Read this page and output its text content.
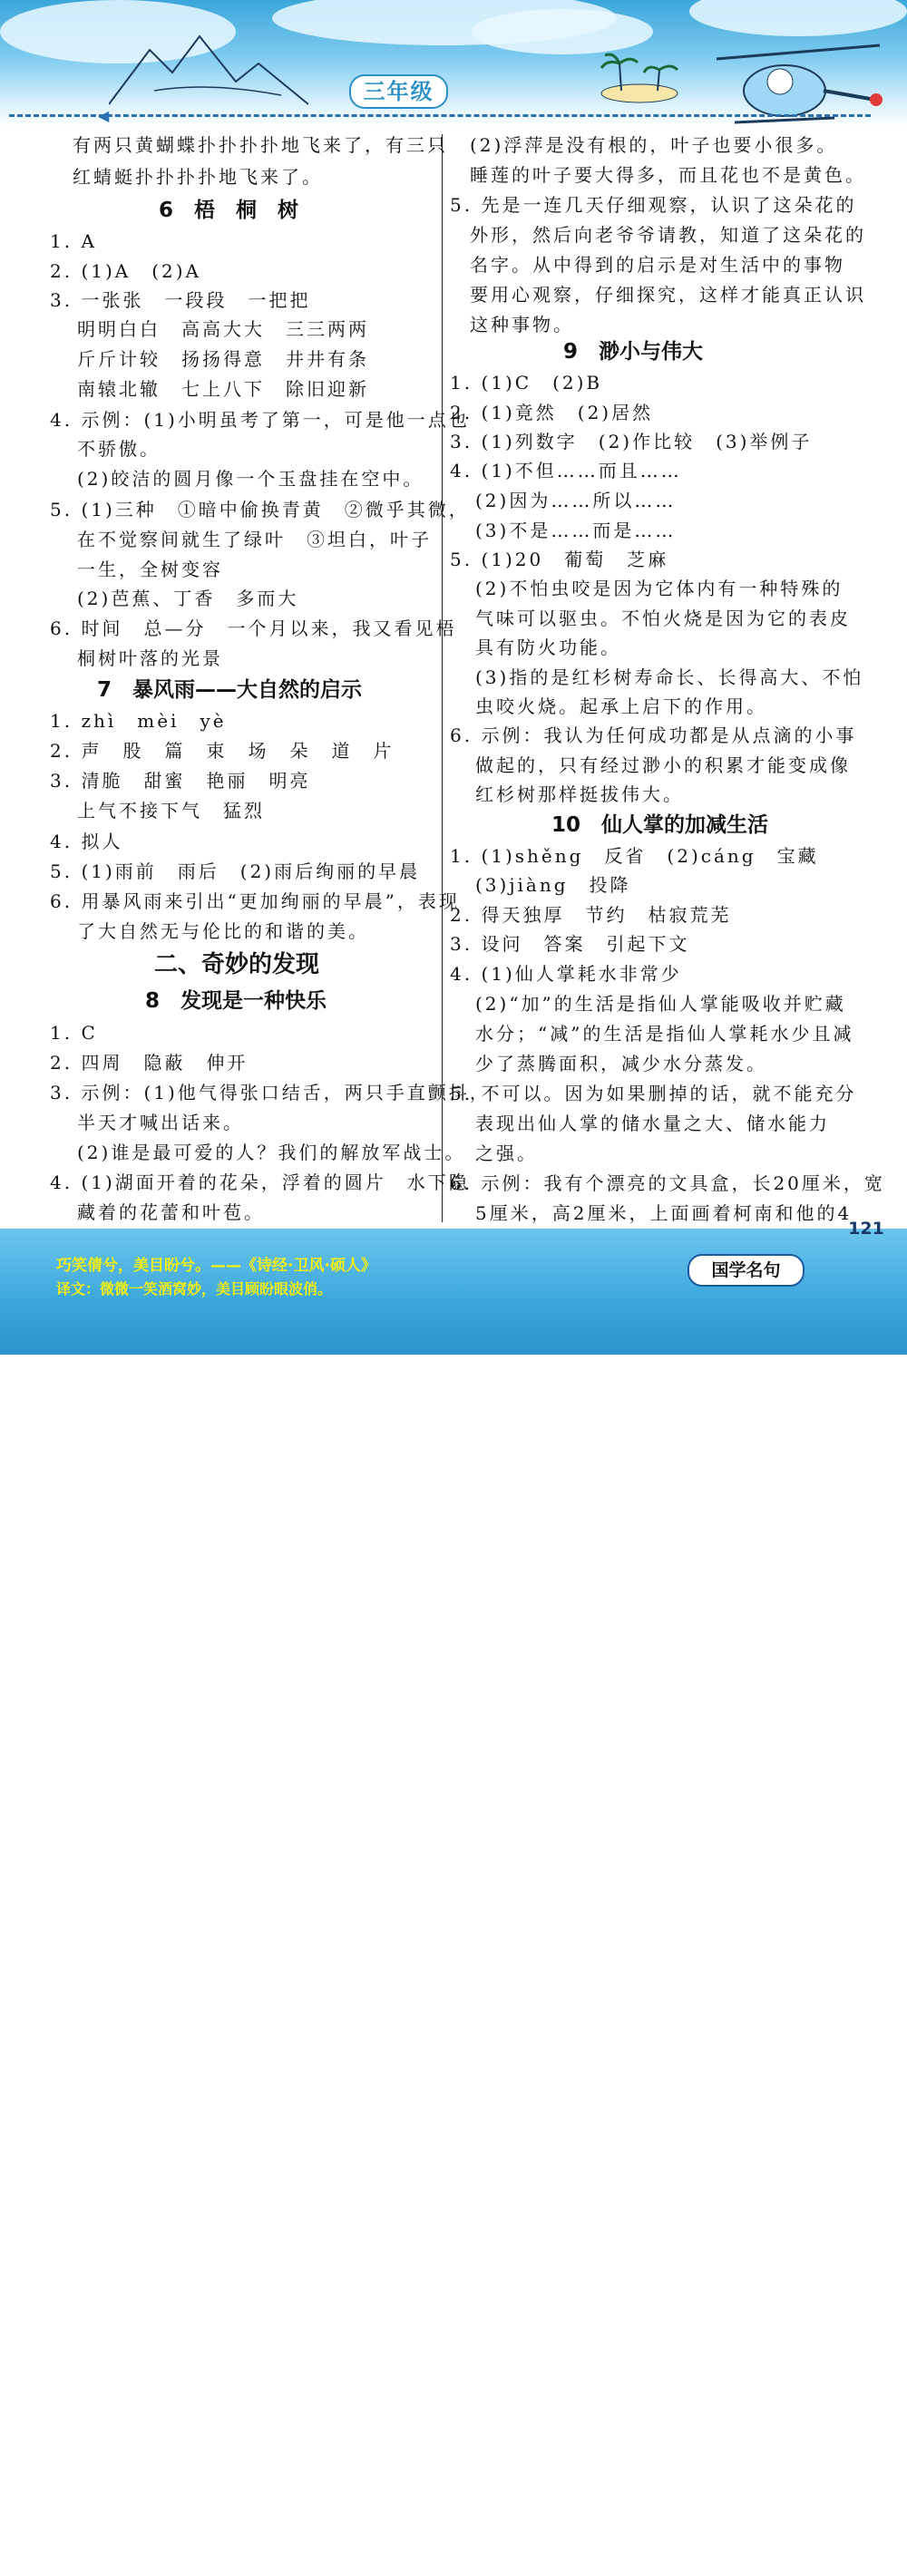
三年级
◀
有两只黄蝴蝶扑扑扑扑地飞来了，有三只
红蜻蜓扑扑扑扑地飞来了。
6　梧　桐　树
1. A
2. (1)A　(2)A
3. 一张张　一段段　一把把
明明白白　高高大大　三三两两
斤斤计较　扬扬得意　井井有条
南辕北辙　七上八下　除旧迎新
4. 示例：(1)小明虽考了第一，可是他一点也
不骄傲。
(2)皎洁的圆月像一个玉盘挂在空中。
5. (1)三种　①暗中偷换青黄　②微乎其微，
在不觉察间就生了绿叶　③坦白，叶子
一生，全树变容
(2)芭蕉、丁香　多而大
6. 时间　总—分　一个月以来，我又看见梧
桐树叶落的光景
7　暴风雨——大自然的启示
1. zhì　mèi　yè
2. 声　股　篇　束　场　朵　道　片
3. 清脆　甜蜜　艳丽　明亮
上气不接下气　猛烈
4. 拟人
5. (1)雨前　雨后　(2)雨后绚丽的早晨
6. 用暴风雨来引出“更加绚丽的早晨”，表现
了大自然无与伦比的和谐的美。
二、奇妙的发现
8　发现是一种快乐
1. C
2. 四周　隐蔽　伸开
3. 示例：(1)他气得张口结舌，两只手直颤抖，
半天才喊出话来。
(2)谁是最可爱的人？我们的解放军战士。
4. (1)湖面开着的花朵，浮着的圆片　水下隐
藏着的花蕾和叶苞。
(2)浮萍是没有根的，叶子也要小很多。
睡莲的叶子要大得多，而且花也不是黄色。
5. 先是一连几天仔细观察，认识了这朵花的
外形，然后向老爷爷请教，知道了这朵花的
名字。从中得到的启示是对生活中的事物
要用心观察，仔细探究，这样才能真正认识
这种事物。
9　渺小与伟大
1. (1)C　(2)B
2. (1)竟然　(2)居然
3. (1)列数字　(2)作比较　(3)举例子
4. (1)不但……而且……
(2)因为……所以……
(3)不是……而是……
5. (1)20　葡萄　芝麻
(2)不怕虫咬是因为它体内有一种特殊的
气味可以驱虫。不怕火烧是因为它的表皮
具有防火功能。
(3)指的是红杉树寿命长、长得高大、不怕
虫咬火烧。起承上启下的作用。
6. 示例：我认为任何成功都是从点滴的小事
做起的，只有经过渺小的积累才能变成像
红杉树那样挺拔伟大。
10　仙人掌的加减生活
1. (1)shěng　反省　(2)cáng　宝藏
(3)jiàng　投降
2. 得天独厚　节约　枯寂荒芜
3. 设问　答案　引起下文
4. (1)仙人掌耗水非常少
(2)“加”的生活是指仙人掌能吸收并贮藏
水分；“减”的生活是指仙人掌耗水少且减
少了蒸腾面积，减少水分蒸发。
5. 不可以。因为如果删掉的话，就不能充分
表现出仙人掌的储水量之大、储水能力
之强。
6. 示例：我有个漂亮的文具盒，长20厘米，宽
5厘米，高2厘米，上面画着柯南和他的4
巧笑倩兮，美目盼兮。——《诗经·卫风·硕人》
译文：微微一笑酒窝妙，美目顾盼眼波俏。
答案圈
MXQE.COM
121
国学名句
